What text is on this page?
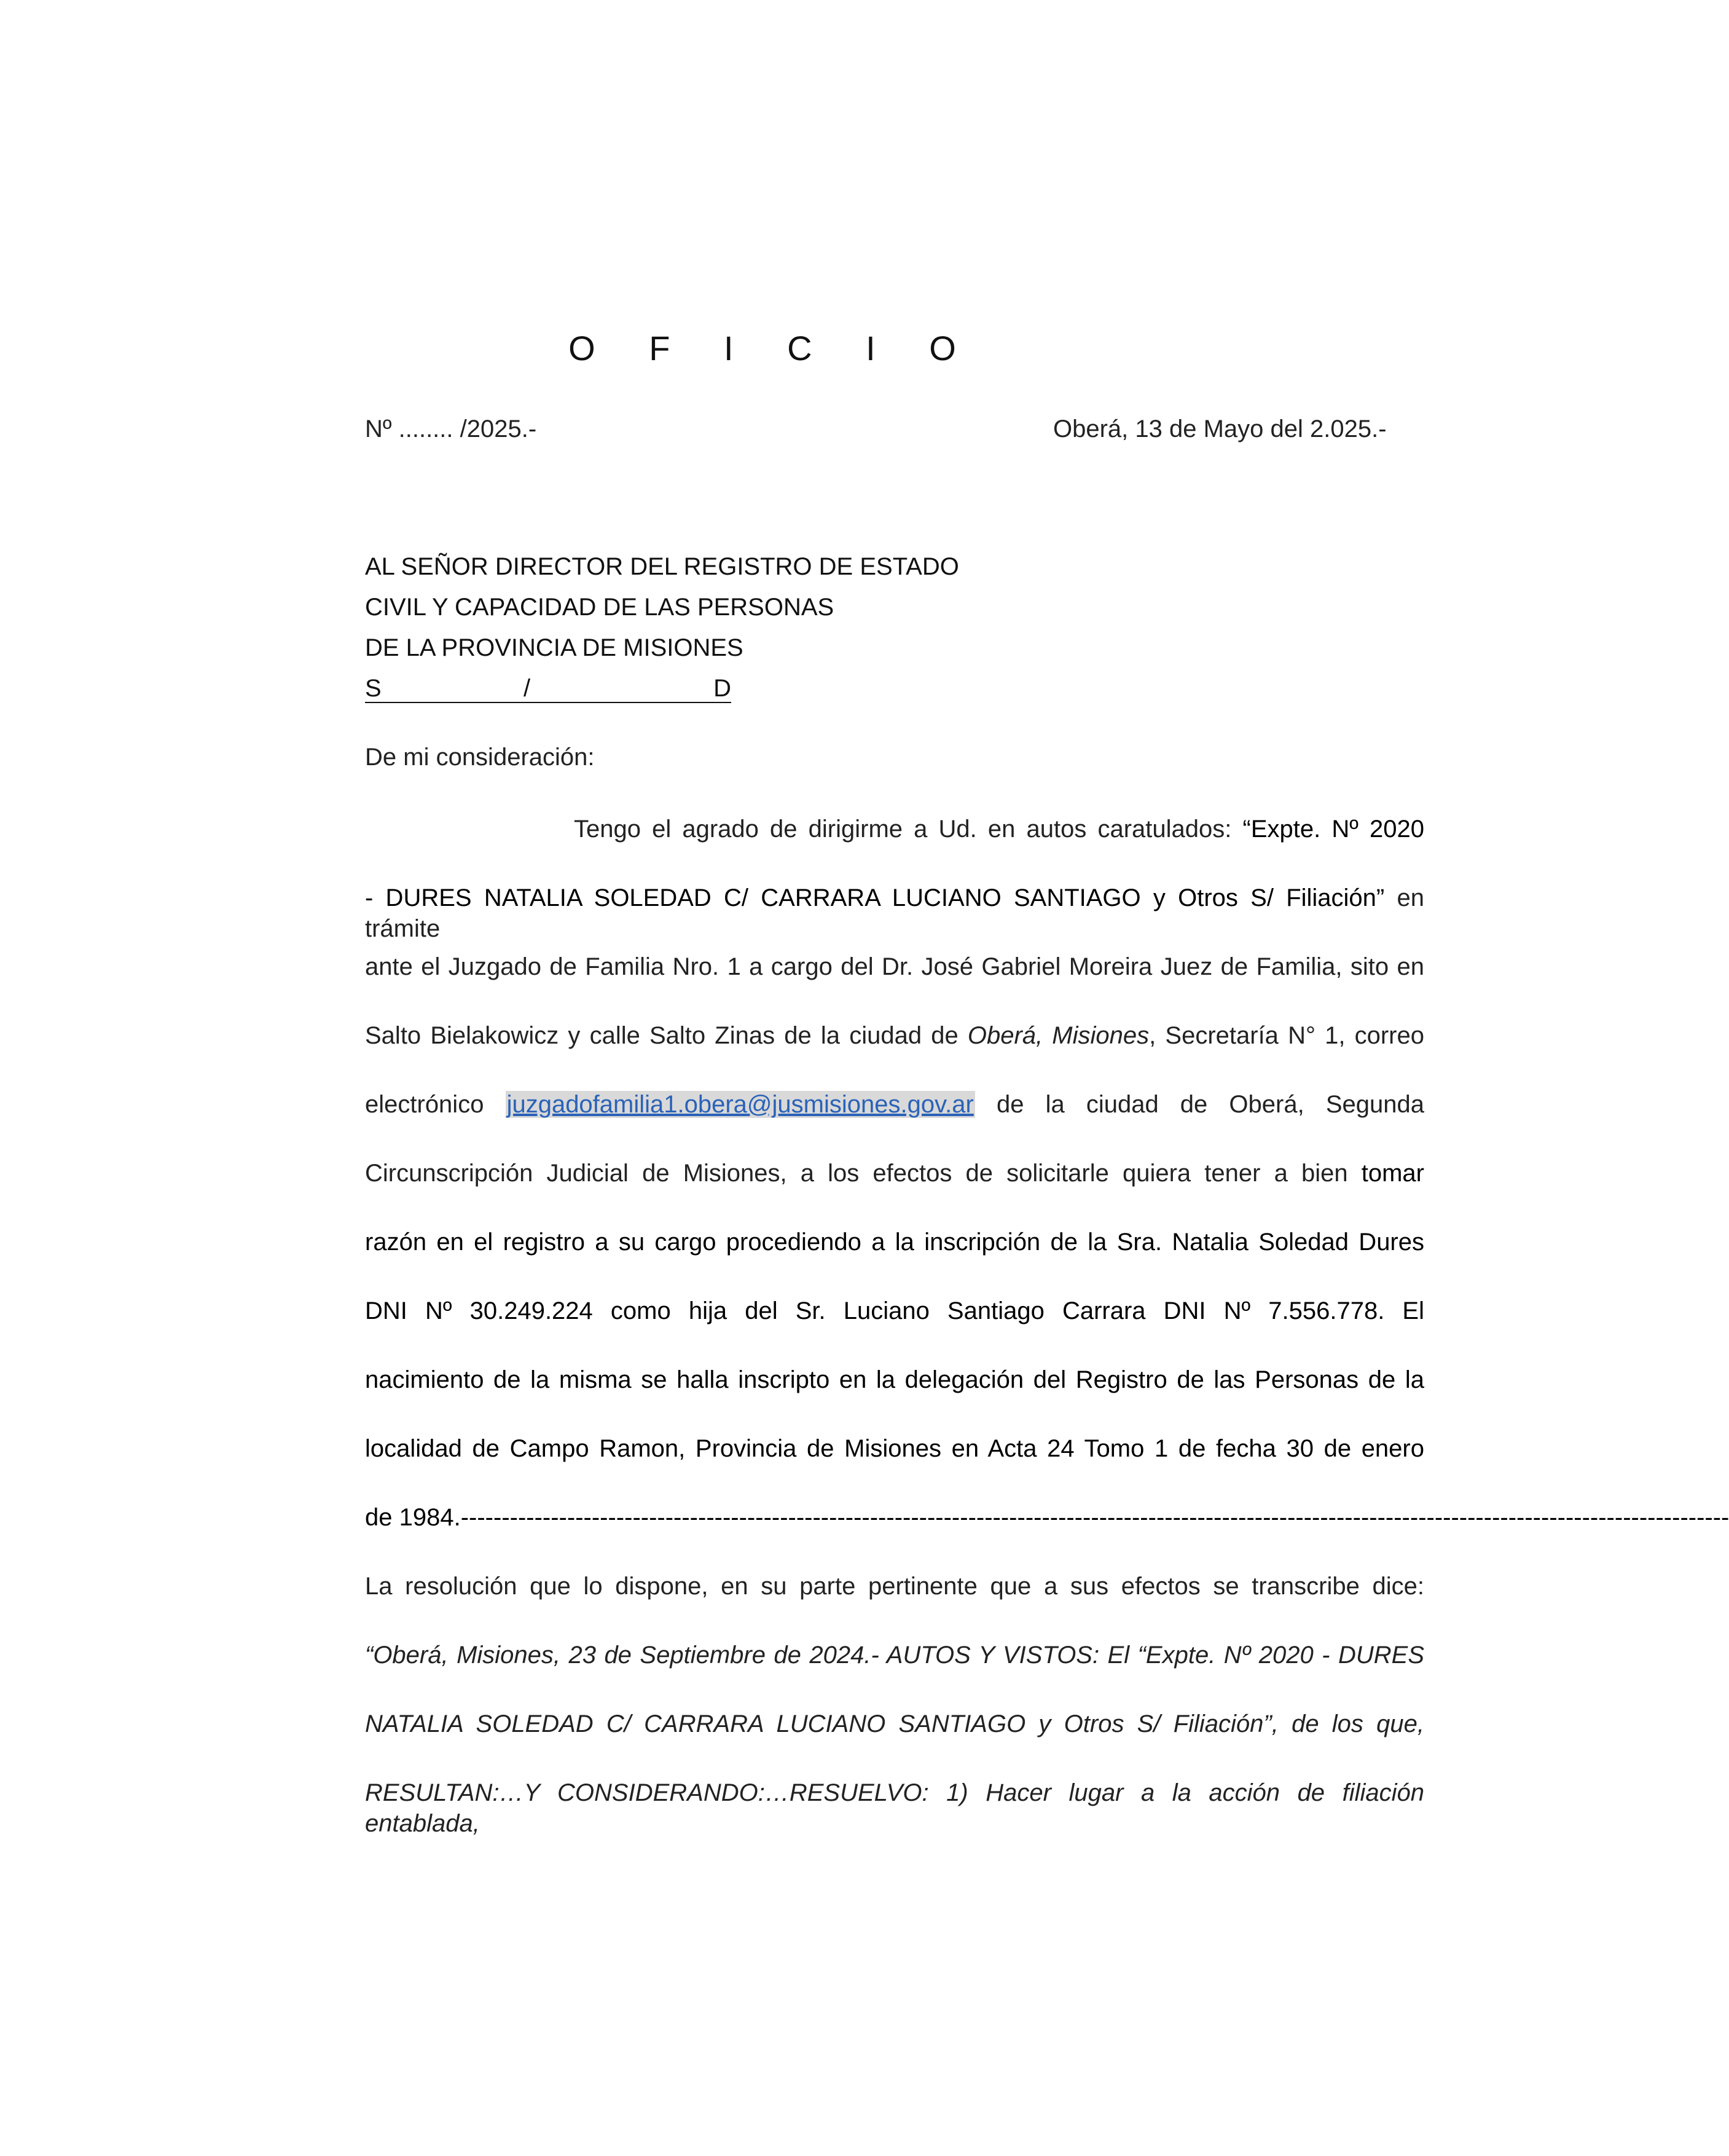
O F I C I O
Nº ........ /2025.-	Oberá, 13 de Mayo del 2.025.-
AL SEÑOR DIRECTOR DEL REGISTRO DE ESTADO
CIVIL Y CAPACIDAD DE LAS PERSONAS
DE LA PROVINCIA DE MISIONES
S	/	D
De mi consideración:
Tengo el agrado de dirigirme a Ud. en autos caratulados: “Expte. Nº 2020
- DURES NATALIA SOLEDAD C/ CARRARA LUCIANO SANTIAGO y Otros S/ Filiación” en trámite
ante el Juzgado de Familia Nro. 1 a cargo del Dr. José Gabriel Moreira Juez de Familia, sito en
Salto Bielakowicz y calle Salto Zinas de la ciudad de Oberá, Misiones, Secretaría N° 1, correo
electrónico juzgadofamilia1.obera@jusmisiones.gov.ar de la ciudad de Oberá, Segunda
Circunscripción Judicial de Misiones, a los efectos de solicitarle quiera tener a bien tomar
razón en el registro a su cargo procediendo a la inscripción de la Sra. Natalia Soledad Dures
DNI Nº 30.249.224 como hija del Sr. Luciano Santiago Carrara DNI Nº 7.556.778. El
nacimiento de la misma se halla inscripto en la delegación del Registro de las Personas de la
localidad de Campo Ramon, Provincia de Misiones en Acta 24 Tomo 1 de fecha 30 de enero
de 1984.-----------------------------------------------------------------------------------------------------------------------------------------------------------
La resolución que lo dispone, en su parte pertinente que a sus efectos se transcribe dice:
“Oberá, Misiones, 23 de Septiembre de 2024.- AUTOS Y VISTOS: El “Expte. Nº 2020 - DURES
NATALIA SOLEDAD C/ CARRARA LUCIANO SANTIAGO y Otros S/ Filiación”, de los que,
RESULTAN:…Y CONSIDERANDO:…RESUELVO: 1) Hacer lugar a la acción de filiación entablada,
